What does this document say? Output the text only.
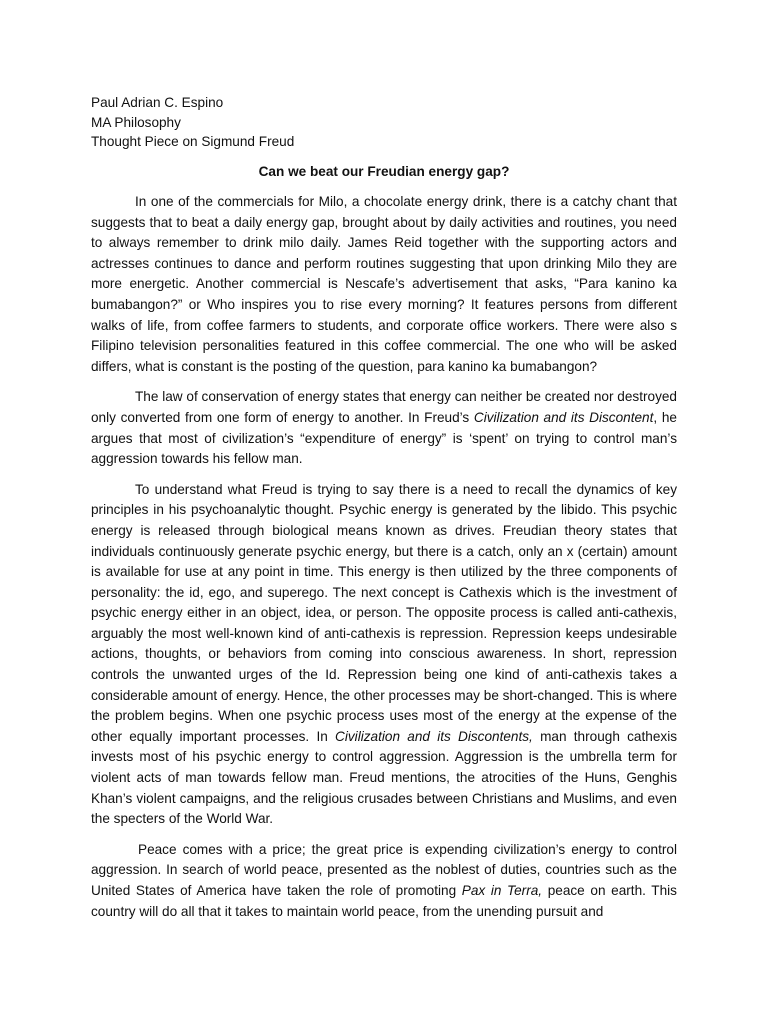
Paul Adrian C. Espino
MA Philosophy
Thought Piece on Sigmund Freud
Can we beat our Freudian energy gap?

In one of the commercials for Milo, a chocolate energy drink, there is a catchy chant that suggests that to beat a daily energy gap, brought about by daily activities and routines, you need to always remember to drink milo daily. James Reid together with the supporting actors and actresses continues to dance and perform routines suggesting that upon drinking Milo they are more energetic. Another commercial is Nescafe’s advertisement that asks, “Para kanino ka bumabangon?” or Who inspires you to rise every morning? It features persons from different walks of life, from coffee farmers to students, and corporate office workers. There were also s Filipino television personalities featured in this coffee commercial. The one who will be asked differs, what is constant is the posting of the question, para kanino ka bumabangon?

The law of conservation of energy states that energy can neither be created nor destroyed only converted from one form of energy to another. In Freud’s Civilization and its Discontent, he argues that most of civilization’s “expenditure of energy” is ‘spent’ on trying to control man’s aggression towards his fellow man.

To understand what Freud is trying to say there is a need to recall the dynamics of key principles in his psychoanalytic thought. Psychic energy is generated by the libido. This psychic energy is released through biological means known as drives. Freudian theory states that individuals continuously generate psychic energy, but there is a catch, only an x (certain) amount is available for use at any point in time. This energy is then utilized by the three components of personality: the id, ego, and superego. The next concept is Cathexis which is the investment of psychic energy either in an object, idea, or person. The opposite process is called anti-cathexis, arguably the most well-known kind of anti-cathexis is repression. Repression keeps undesirable actions, thoughts, or behaviors from coming into conscious awareness. In short, repression controls the unwanted urges of the Id. Repression being one kind of anti-cathexis takes a considerable amount of energy. Hence, the other processes may be short-changed. This is where the problem begins. When one psychic process uses most of the energy at the expense of the other equally important processes. In Civilization and its Discontents, man through cathexis invests most of his psychic energy to control aggression. Aggression is the umbrella term for violent acts of man towards fellow man. Freud mentions, the atrocities of the Huns, Genghis Khan’s violent campaigns, and the religious crusades between Christians and Muslims, and even the specters of the World War.

Peace comes with a price; the great price is expending civilization’s energy to control aggression. In search of world peace, presented as the noblest of duties, countries such as the United States of America have taken the role of promoting Pax in Terra, peace on earth. This country will do all that it takes to maintain world peace, from the unending pursuit and
